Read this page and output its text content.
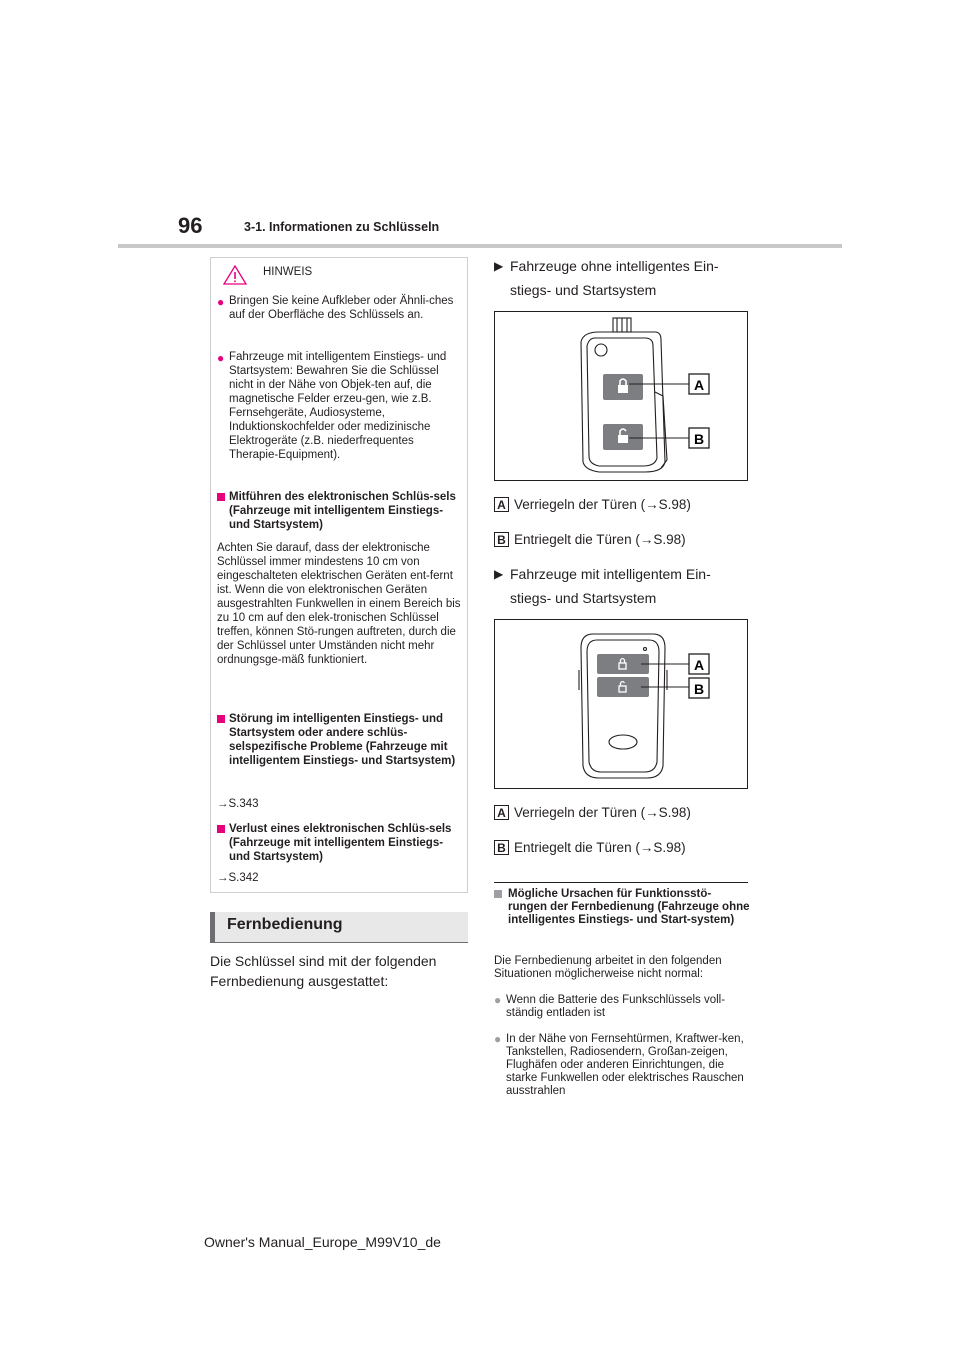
96	3-1. Informationen zu Schlüsseln
HINWEIS
● Bringen Sie keine Aufkleber oder Ähnli-ches auf der Oberfläche des Schlüssels an.
● Fahrzeuge mit intelligentem Einstiegs- und Startsystem: Bewahren Sie die Schlüssel nicht in der Nähe von Objek-ten auf, die magnetische Felder erzeu-gen, wie z.B. Fernsehgeräte, Audiosysteme, Induktionskochfelder oder medizinische Elektrogeräte (z.B. niederfrequentes Therapie-Equipment).
Mitführen des elektronischen Schlüs-sels (Fahrzeuge mit intelligentem Einstiegs- und Startsystem)
Achten Sie darauf, dass der elektronische Schlüssel immer mindestens 10 cm von eingeschalteten elektrischen Geräten ent-fernt ist. Wenn die von elektronischen Geräten ausgestrahlten Funkwellen in einem Bereich bis zu 10 cm auf den elek-tronischen Schlüssel treffen, können Stö-rungen auftreten, durch die der Schlüssel unter Umständen nicht mehr ordnungsge-mäß funktioniert.
Störung im intelligenten Einstiegs- und Startsystem oder andere schlüs-selspezifische Probleme (Fahrzeuge mit intelligentem Einstiegs- und Startsystem)
→S.343
Verlust eines elektronischen Schlüs-sels (Fahrzeuge mit intelligentem Einstiegs- und Startsystem)
→S.342
Fernbedienung
Die Schlüssel sind mit der folgenden Fernbedienung ausgestattet:
▶ Fahrzeuge ohne intelligentes Ein-stiegs- und Startsystem
A
B
A Verriegeln der Türen (→S.98)
B Entriegelt die Türen (→S.98)
▶ Fahrzeuge mit intelligentem Ein-stiegs- und Startsystem
A
B
A Verriegeln der Türen (→S.98)
B Entriegelt die Türen (→S.98)
Mögliche Ursachen für Funktionsstö-rungen der Fernbedienung (Fahrzeuge ohne intelligentes Einstiegs- und Start-system)
Die Fernbedienung arbeitet in den folgenden Situationen möglicherweise nicht normal:
● Wenn die Batterie des Funkschlüssels voll-ständig entladen ist
● In der Nähe von Fernsehtürmen, Kraftwer-ken, Tankstellen, Radiosendern, Großan-zeigen, Flughäfen oder anderen Einrichtungen, die starke Funkwellen oder elektrisches Rauschen ausstrahlen
Owner's Manual_Europe_M99V10_de
